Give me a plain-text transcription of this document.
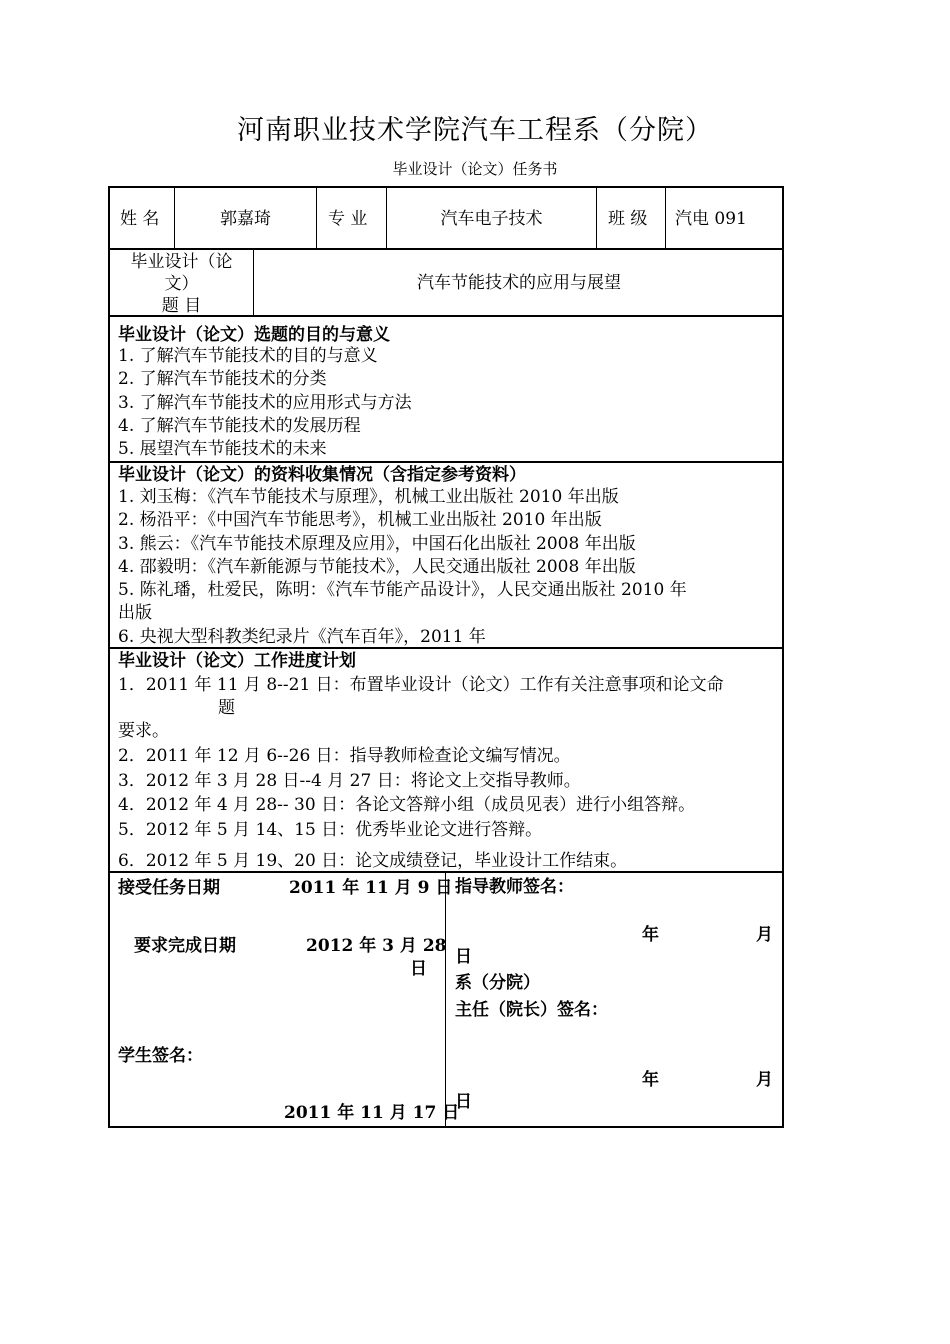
河南职业技术学院汽车工程系（分院）
毕业设计（论文）任务书
姓 名	郭嘉琦	专 业	汽车电子技术	班 级 汽电 091
毕业设计（论
文）
题 目
汽车节能技术的应用与展望
毕业设计（论文）选题的目的与意义
1. 了解汽车节能技术的目的与意义
2. 了解汽车节能技术的分类
3. 了解汽车节能技术的应用形式与方法
4. 了解汽车节能技术的发展历程
5. 展望汽车节能技术的未来
毕业设计（论文）的资料收集情况（含指定参考资料）
1. 刘玉梅：《汽车节能技术与原理》，机械工业出版社 2010 年出版
2. 杨沿平：《中国汽车节能思考》，机械工业出版社 2010 年出版
3. 熊云：《汽车节能技术原理及应用》，中国石化出版社 2008 年出版
4. 邵毅明：《汽车新能源与节能技术》，人民交通出版社 2008 年出版
5. 陈礼璠，杜爱民，陈明：《汽车节能产品设计》，人民交通出版社 2010 年
出版
6. 央视大型科教类纪录片《汽车百年》，2011 年
毕业设计（论文）工作进度计划
1．2011 年 11 月 8--21 日：布置毕业设计（论文）工作有关注意事项和论文命
题
要求。
2．2011 年 12 月 6--26 日：指导教师检查论文编写情况。
3．2012 年 3 月 28 日--4 月 27 日：将论文上交指导教师。
4．2012 年 4 月 28-- 30 日：各论文答辩小组（成员见表）进行小组答辩。
5．2012 年 5 月 14、15 日：优秀毕业论文进行答辩。
6．2012 年 5 月 19、20 日：论文成绩登记，毕业设计工作结束。
接受任务日期	2011 年 11 月 9 日
要求完成日期	2012 年 3 月 28
日
学生签名：
2011 年 11 月 17 日
指导教师签名：
年	月
日
系（分院）
主任（院长）签名：
年	月
日
